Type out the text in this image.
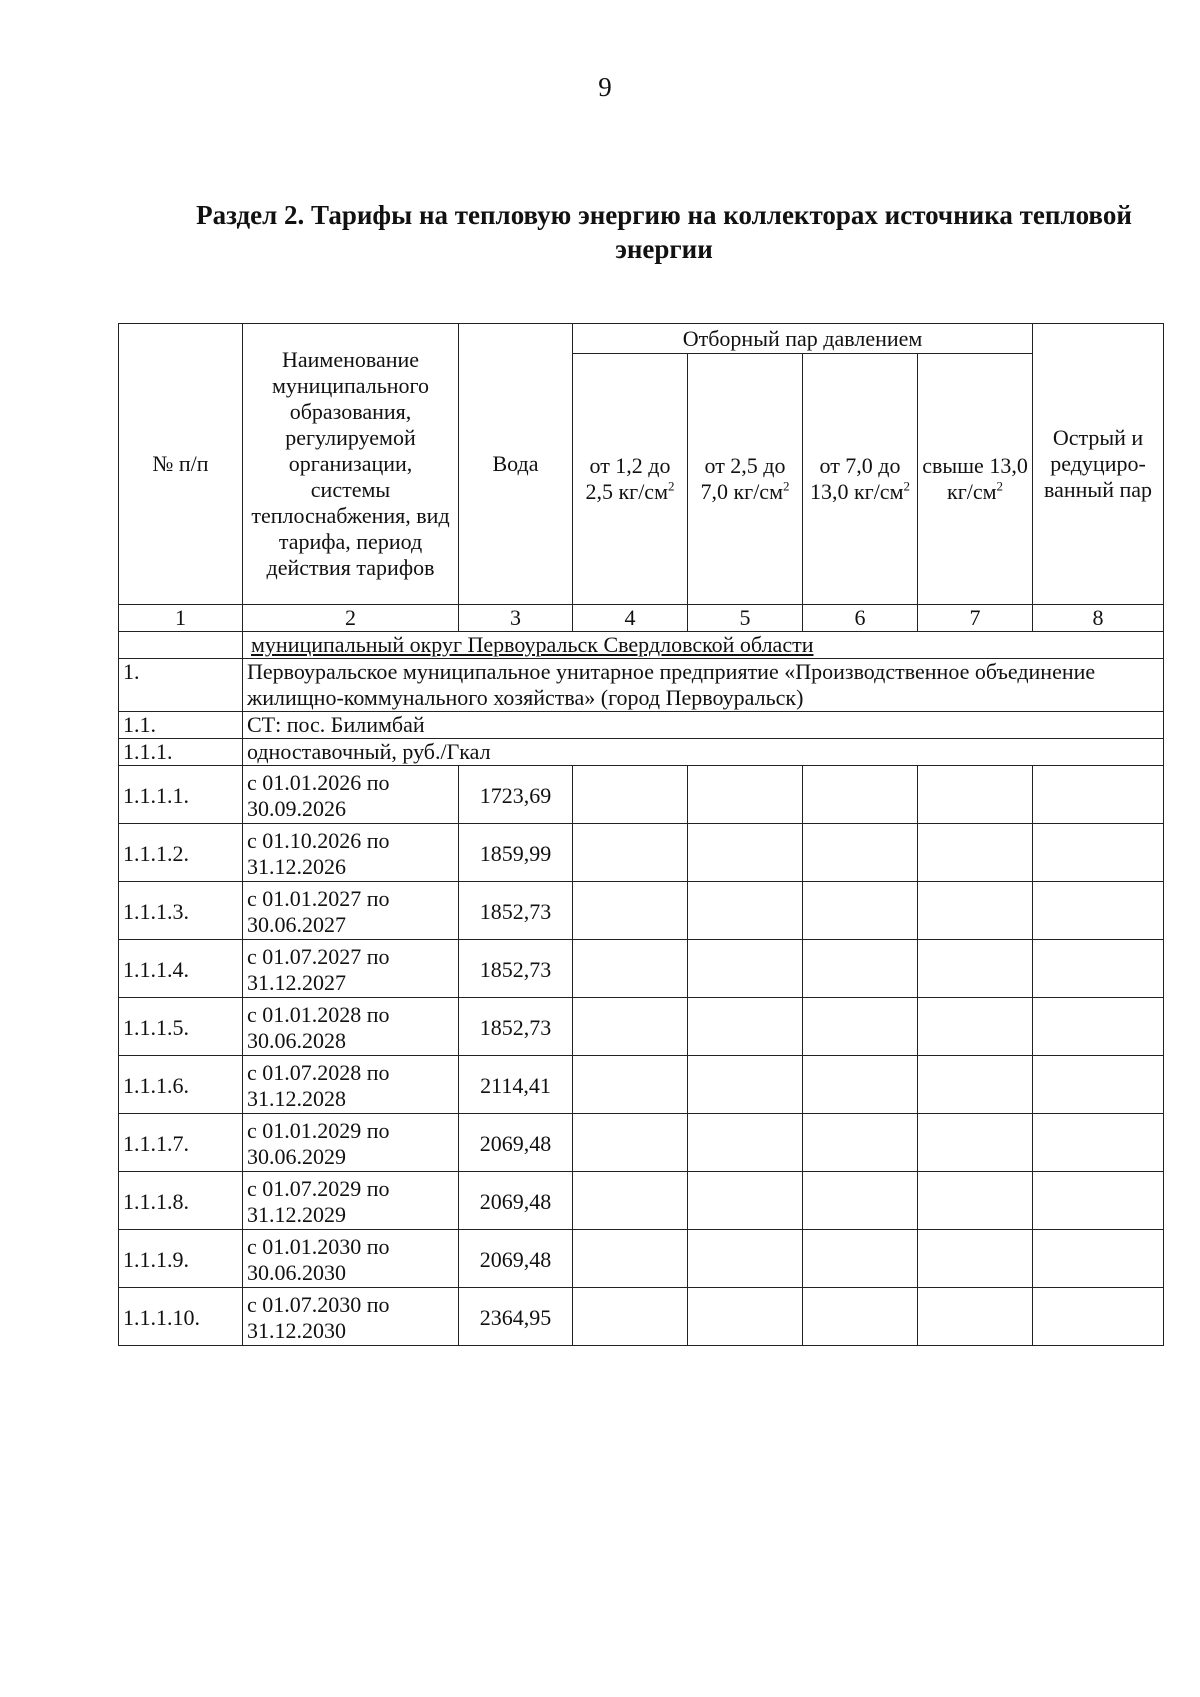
9
Раздел 2. Тарифы на тепловую энергию на коллекторах источника тепловой энергии
№ п/п	Наименование муниципального образования, регулируемой организации, системы теплоснабжения, вид тарифа, период действия тарифов	Вода	Отборный пар давлением				Острый и редуциро-ванный пар
			от 1,2 до 2,5 $кг/см^2$	от 2,5 до 7,0 $кг/см^2$	от 7,0 до 13,0 $кг/см^2$	свыше 13,0 $кг/см^2$
1	2	3	4	5	6	7	8
	муниципальный округ Первоуральск Свердловской области						
1.	Первоуральское муниципальное унитарное предприятие «Производственное объединение жилищно-коммунального хозяйства» (город Первоуральск)						
1.1.	СТ: пос. Билимбай						
1.1.1.	одноставочный, руб./Гкал						
1.1.1.1.	с 01.01.2026 по 30.09.2026	1723,69					
1.1.1.2.	с 01.10.2026 по 31.12.2026	1859,99					
1.1.1.3.	с 01.01.2027 по 30.06.2027	1852,73					
1.1.1.4.	с 01.07.2027 по 31.12.2027	1852,73					
1.1.1.5.	с 01.01.2028 по 30.06.2028	1852,73					
1.1.1.6.	с 01.07.2028 по 31.12.2028	2114,41					
1.1.1.7.	с 01.01.2029 по 30.06.2029	2069,48					
1.1.1.8.	с 01.07.2029 по 31.12.2029	2069,48					
1.1.1.9.	с 01.01.2030 по 30.06.2030	2069,48					
1.1.1.10.	с 01.07.2030 по 31.12.2030	2364,95					
